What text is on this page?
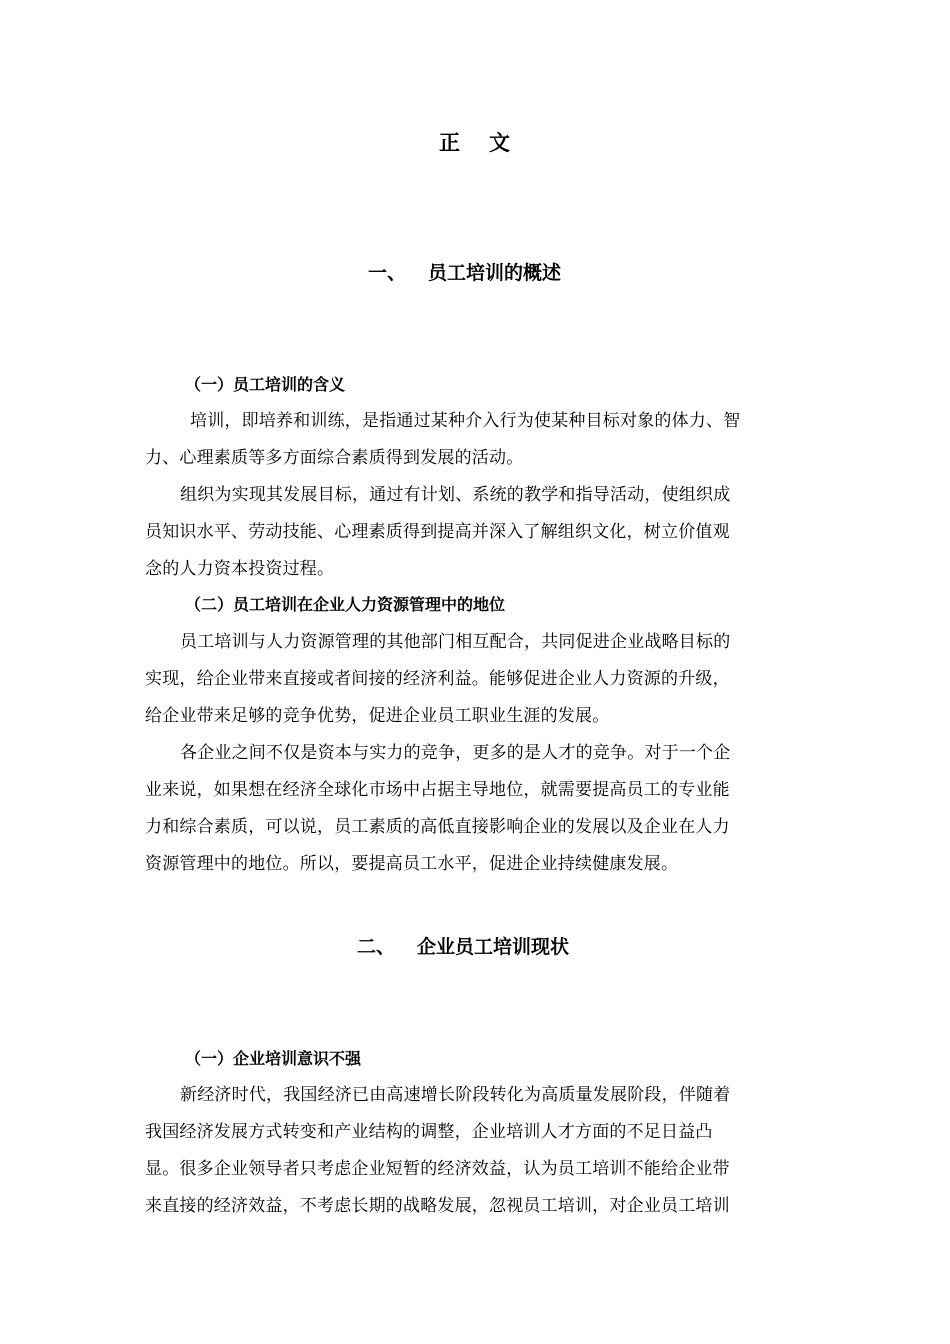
正 文
一、 员工培训的概述
（一）员工培训的含义
培训，即培养和训练，是指通过某种介入行为使某种目标对象的体力、智
力、心理素质等多方面综合素质得到发展的活动。
组织为实现其发展目标，通过有计划、系统的教学和指导活动，使组织成
员知识水平、劳动技能、心理素质得到提高并深入了解组织文化，树立价值观
念的人力资本投资过程。
（二）员工培训在企业人力资源管理中的地位
员工培训与人力资源管理的其他部门相互配合，共同促进企业战略目标的
实现，给企业带来直接或者间接的经济利益。能够促进企业人力资源的升级，
给企业带来足够的竞争优势，促进企业员工职业生涯的发展。
各企业之间不仅是资本与实力的竞争，更多的是人才的竞争。对于一个企
业来说，如果想在经济全球化市场中占据主导地位，就需要提高员工的专业能
力和综合素质，可以说，员工素质的高低直接影响企业的发展以及企业在人力
资源管理中的地位。所以，要提高员工水平，促进企业持续健康发展。
二、 企业员工培训现状
（一）企业培训意识不强
新经济时代，我国经济已由高速增长阶段转化为高质量发展阶段，伴随着
我国经济发展方式转变和产业结构的调整，企业培训人才方面的不足日益凸
显。很多企业领导者只考虑企业短暂的经济效益，认为员工培训不能给企业带
来直接的经济效益，不考虑长期的战略发展，忽视员工培训，对企业员工培训
